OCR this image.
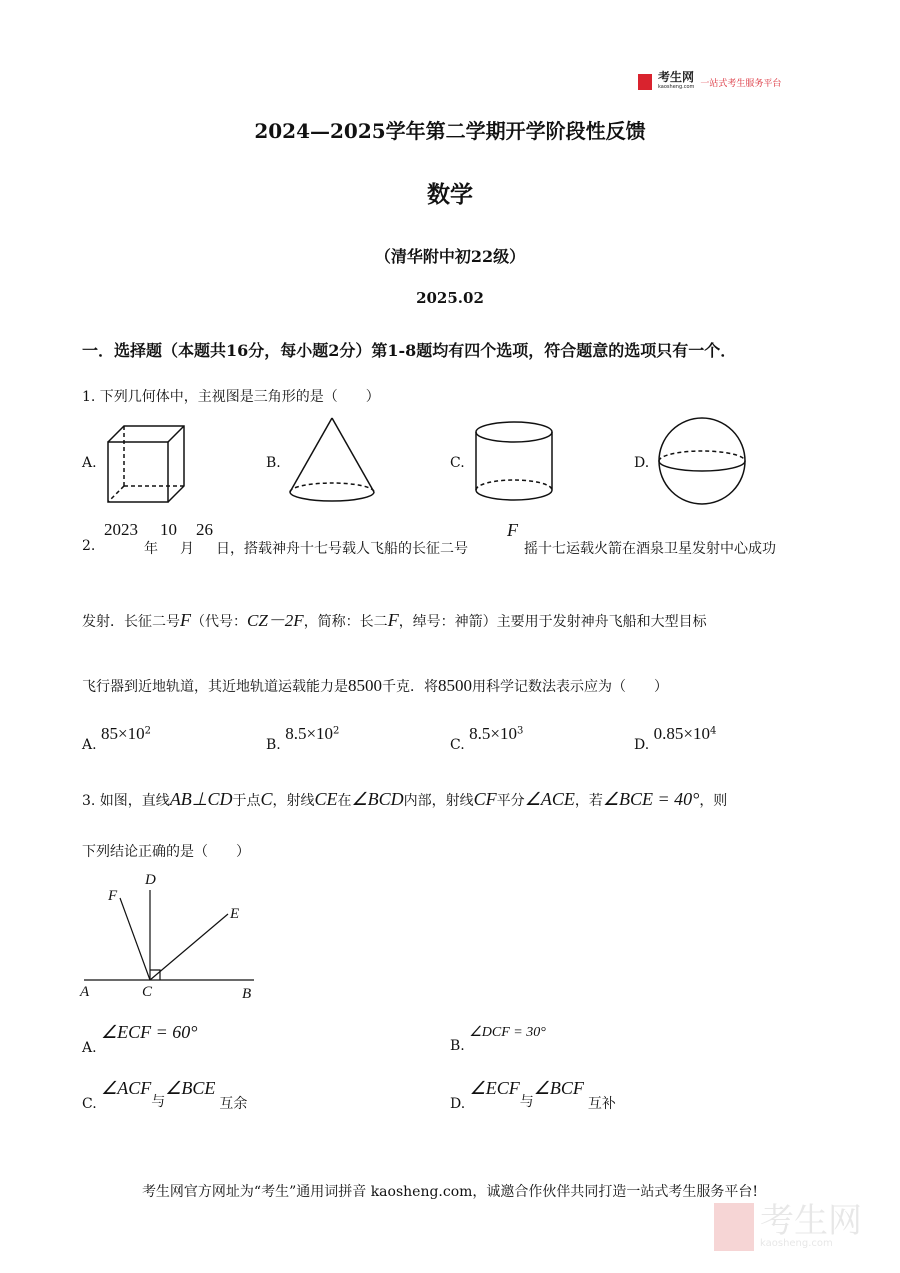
考生网
kaosheng.com 一站式考生服务平台
2024—2025学年第二学期开学阶段性反馈
数学
（清华附中初22级）
2025.02
一．选择题（本题共16分，每小题2分）第1-8题均有四个选项，符合题意的选项只有一个．
1. 下列几何体中，主视图是三角形的是（　　）
A.	B.	C.	D.
2.
2023
年
10
月
26
日，搭载神舟十七号载人飞船的长征二号
F
摇十七运载火箭在酒泉卫星发射中心成功
发射．长征二号F（代号：CZ－2F，简称：长二F，绰号：神箭）主要用于发射神舟飞船和大型目标
飞行器到近地轨道，其近地轨道运载能力是8500千克．将8500用科学记数法表示应为（　　）
A. $85\times 10^2$
B. $8.5\times 10^2$
C. $8.5\times 10^3$
D. $0.85\times 10^4$
3. 如图，直线AB⊥CD于点C，射线CE在∠BCD内部，射线CF平分∠ACE，若∠BCE = 40°，则
下列结论正确的是（　　）
A	C	B
D
F
E
A. ∠ECF = 60°
B. ∠DCF = 30°
C. ∠ACF与∠BCE互余	D. ∠ECF与∠BCF互补
考生网官方网址为“考生”通用词拼音 kaosheng.com，诚邀合作伙伴共同打造一站式考生服务平台!
考生网
kaosheng.com
